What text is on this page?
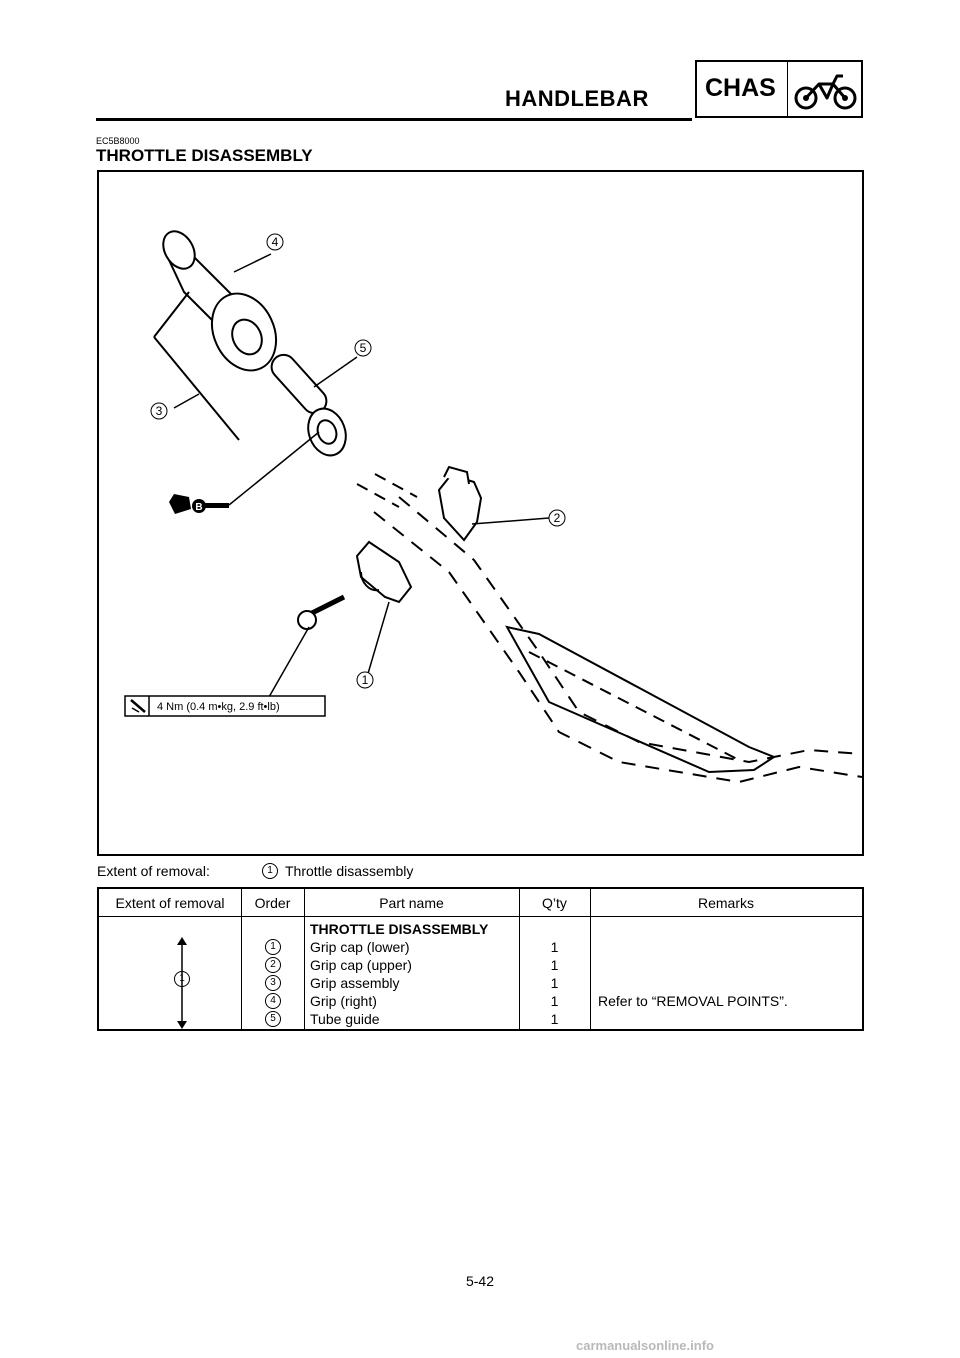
HANDLEBAR CHAS
EC5B8000
THROTTLE DISASSEMBLY
B
4
5
3
2
1
4 Nm (0.4 m•kg, 2.9 ft•lb)
Extent of removal:	1 Throttle disassembly
Extent of removal	Order	Part name	Q’ty	Remarks
1
THROTTLE DISASSEMBLY
1	Grip cap (lower)	1
2	Grip cap (upper)	1
3	Grip assembly	1
4	Grip (right)	1	Refer to “REMOVAL POINTS”.
5	Tube guide	1
5-42
carmanualsonline.info
